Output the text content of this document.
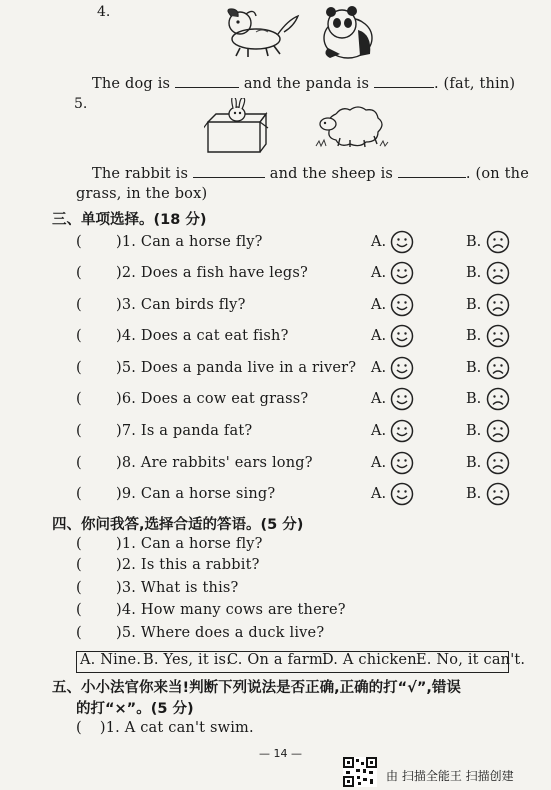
4.
The dog is	and the panda is	. (fat, thin)
5.
The rabbit is	and the sheep is	. (on the
grass, in the box)
三、单项选择。(18 分)
( )1. Can a horse fly?	A.	B.
( )2. Does a fish have legs?	A.	B.
( )3. Can birds fly?	A.	B.
( )4. Does a cat eat fish?	A.	B.
( )5. Does a panda live in a river? A.	B.
( )6. Does a cow eat grass?	A.	B.
( )7. Is a panda fat?	A.	B.
( )8. Are rabbits' ears long?	A.	B.
( )9. Can a horse sing?	A.	B.
四、你问我答,选择合适的答语。(5 分)
( )1. Can a horse fly?
( )2. Is this a rabbit?
( )3. What is this?
( )4. How many cows are there?
( )5. Where does a duck live?
A. Nine. B. Yes, it is.
C. On a farm.
D. A chicken.
E. No, it can't.
五、小小法官你来当!判断下列说法是否正确,正确的打“√”,错误
的打“×”。(5 分)
( )1. A cat can't swim.
— 14 —
由 扫描全能王 扫描创建
